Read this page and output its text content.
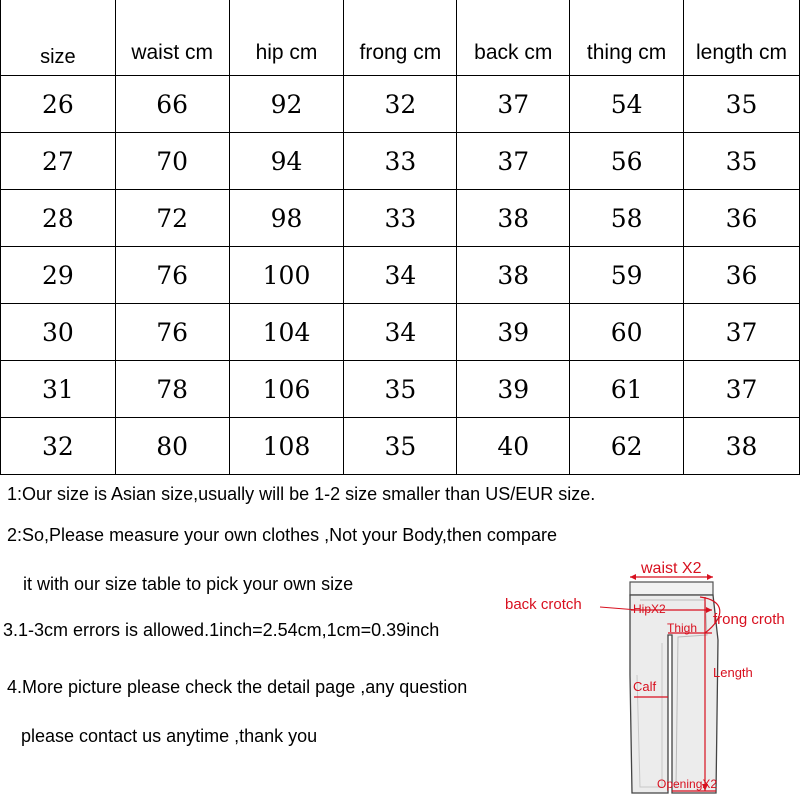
size	waist cm	hip cm	frong cm	back cm	thing cm	length cm
26	66	92	32	37	54	35
27	70	94	33	37	56	35
28	72	98	33	38	58	36
29	76	100	34	38	59	36
30	76	104	34	39	60	37
31	78	106	35	39	61	37
32	80	108	35	40	62	38
1:Our size is Asian size,usually will be 1-2 size smaller than US/EUR size.
2:So,Please measure your own clothes ,Not your Body,then compare
it with our size table to pick your own size
3.1-3cm errors is allowed.1inch=2.54cm,1cm=0.39inch
4.More picture please check the detail page ,any question
please contact us anytime ,thank you
waist X2
back crotch	HipX2
Thigh frong croth
Length
Calf
OpeningX2
